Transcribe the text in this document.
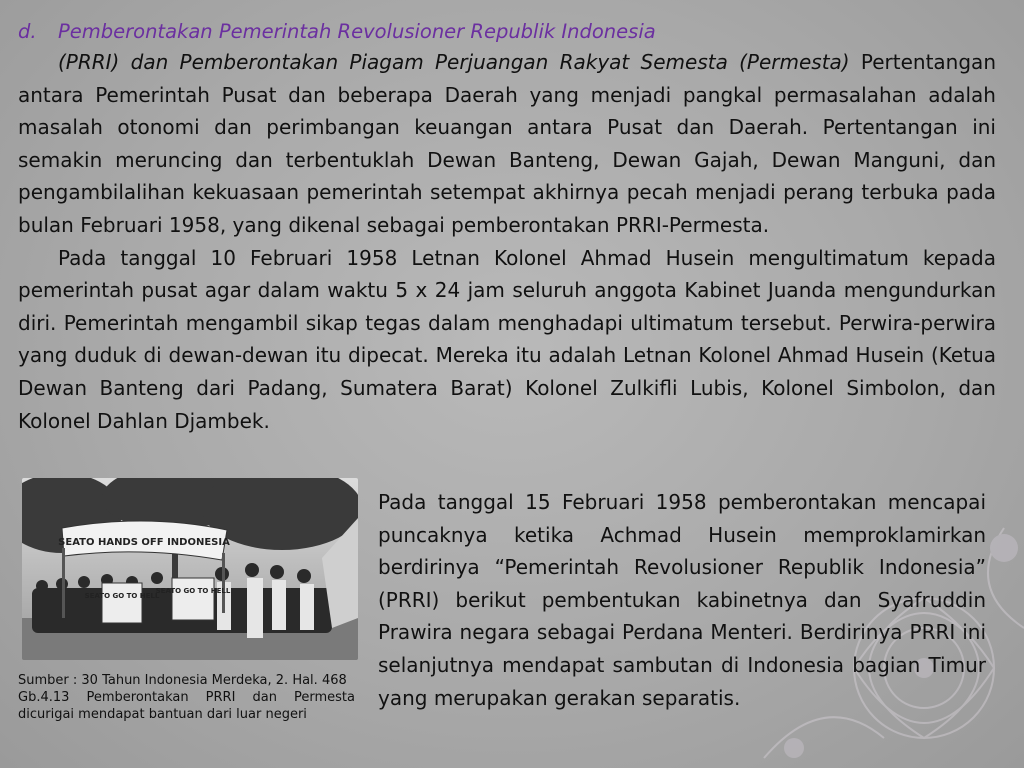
d. Pemberontakan Pemerintah Revolusioner Republik Indonesia

(PRRI) dan Pemberontakan Piagam Perjuangan Rakyat Semesta (Permesta) Pertentangan antara Pemerintah Pusat dan beberapa Daerah yang menjadi pangkal permasalahan adalah masalah otonomi dan perimbangan keuangan antara Pusat dan Daerah. Pertentangan ini semakin meruncing dan terbentuklah Dewan Banteng, Dewan Gajah, Dewan Manguni, dan pengambilalihan kekuasaan pemerintah setempat akhirnya pecah menjadi perang terbuka pada bulan Februari 1958, yang dikenal sebagai pemberontakan PRRI-Permesta.

Pada tanggal 10 Februari 1958 Letnan Kolonel Ahmad Husein mengultimatum kepada pemerintah pusat agar dalam waktu 5 x 24 jam seluruh anggota Kabinet Juanda mengundurkan diri. Pemerintah mengambil sikap tegas dalam menghadapi ultimatum tersebut. Perwira-perwira yang duduk di dewan-dewan itu dipecat. Mereka itu adalah Letnan Kolonel Ahmad Husein (Ketua Dewan Banteng dari Padang, Sumatera Barat) Kolonel Zulkifli Lubis, Kolonel Simbolon, dan Kolonel Dahlan Djambek.

SEATO HANDS OFF INDONESIA
SEATO GO TO HELL
SEATO GO TO HELL
Sumber : 30 Tahun Indonesia Merdeka, 2. Hal. 468
Gb.4.13 Pemberontakan PRRI dan Permesta dicurigai mendapat bantuan dari luar negeri

Pada tanggal 15 Februari 1958 pemberontakan mencapai puncaknya ketika Achmad Husein memproklamirkan berdirinya “Pemerintah Revolusioner Republik Indonesia” (PRRI) berikut pembentukan kabinetnya dan Syafruddin Prawira negara sebagai Perdana Menteri. Berdirinya PRRI ini selanjutnya mendapat sambutan di Indonesia bagian Timur yang merupakan gerakan separatis.
